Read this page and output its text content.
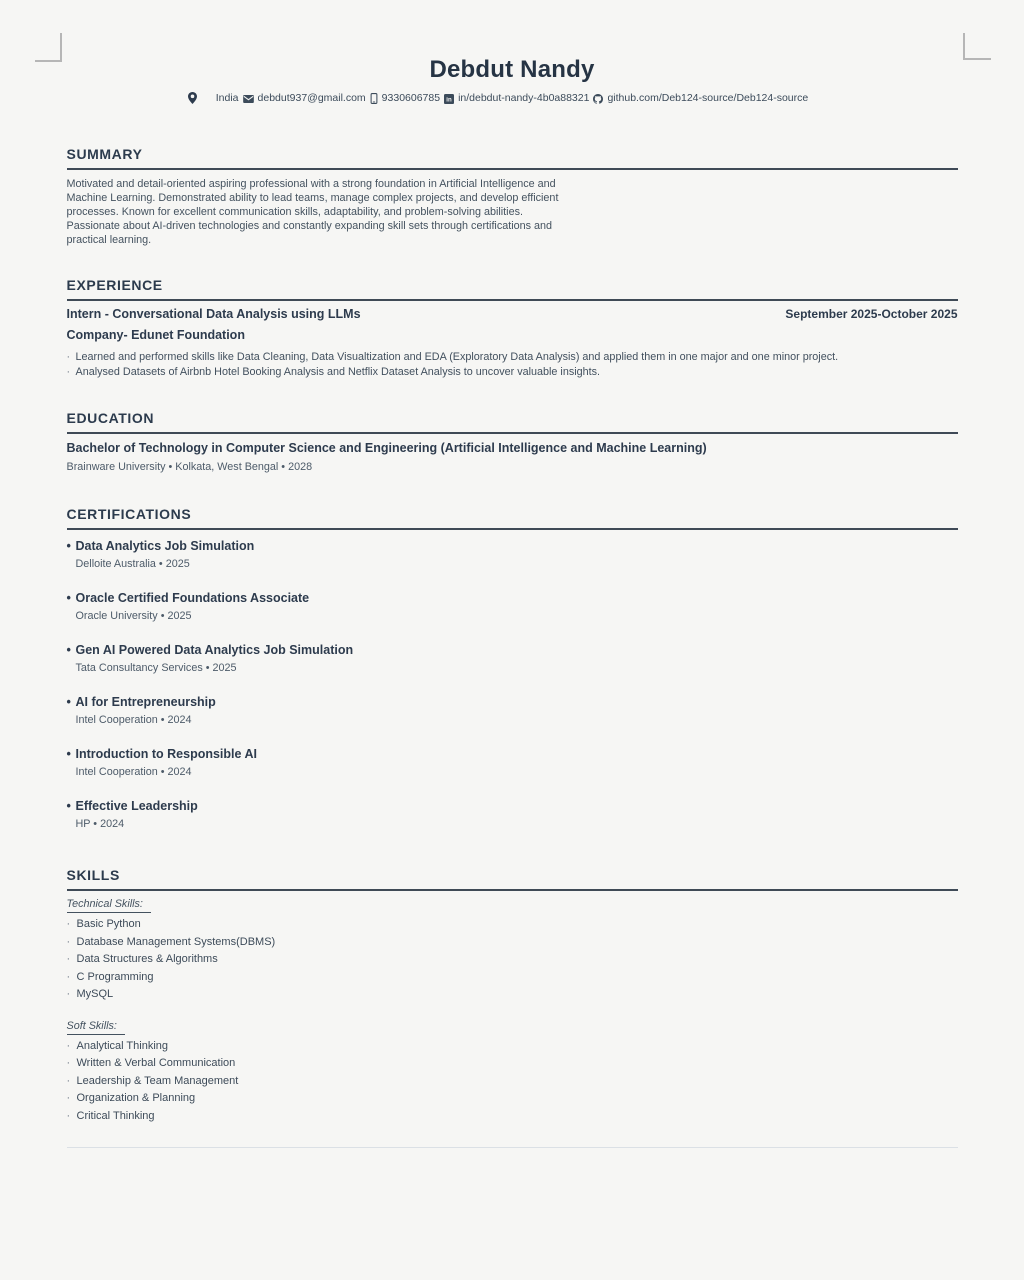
Debdut Nandy
India debdut937@gmail.com 9330606785 in in/debdut-nandy-4b0a88321 github.com/Deb124-source/Deb124-source
SUMMARY
Motivated and detail-oriented aspiring professional with a strong foundation in Artificial Intelligence and
Machine Learning. Demonstrated ability to lead teams, manage complex projects, and develop efficient
processes. Known for excellent communication skills, adaptability, and problem-solving abilities.
Passionate about AI-driven technologies and constantly expanding skill sets through certifications and
practical learning.
EXPERIENCE
Intern - Conversational Data Analysis using LLMs	September 2025-October 2025
Company- Edunet Foundation
· Learned and performed skills like Data Cleaning, Data Visualtization and EDA (Exploratory Data Analysis) and applied them in one major and one minor project.
· Analysed Datasets of Airbnb Hotel Booking Analysis and Netflix Dataset Analysis to uncover valuable insights.
EDUCATION
Bachelor of Technology in Computer Science and Engineering (Artificial Intelligence and Machine Learning)
Brainware University • Kolkata, West Bengal • 2028
CERTIFICATIONS
• Data Analytics Job Simulation
Delloite Australia • 2025
• Oracle Certified Foundations Associate
Oracle University • 2025
• Gen AI Powered Data Analytics Job Simulation
Tata Consultancy Services • 2025
• AI for Entrepreneurship
Intel Cooperation • 2024
• Introduction to Responsible AI
Intel Cooperation • 2024
• Effective Leadership
HP • 2024
SKILLS
Technical Skills:
· Basic Python
· Database Management Systems(DBMS)
· Data Structures & Algorithms
· C Programming
· MySQL
Soft Skills:
· Analytical Thinking
· Written & Verbal Communication
· Leadership & Team Management
· Organization & Planning
· Critical Thinking
